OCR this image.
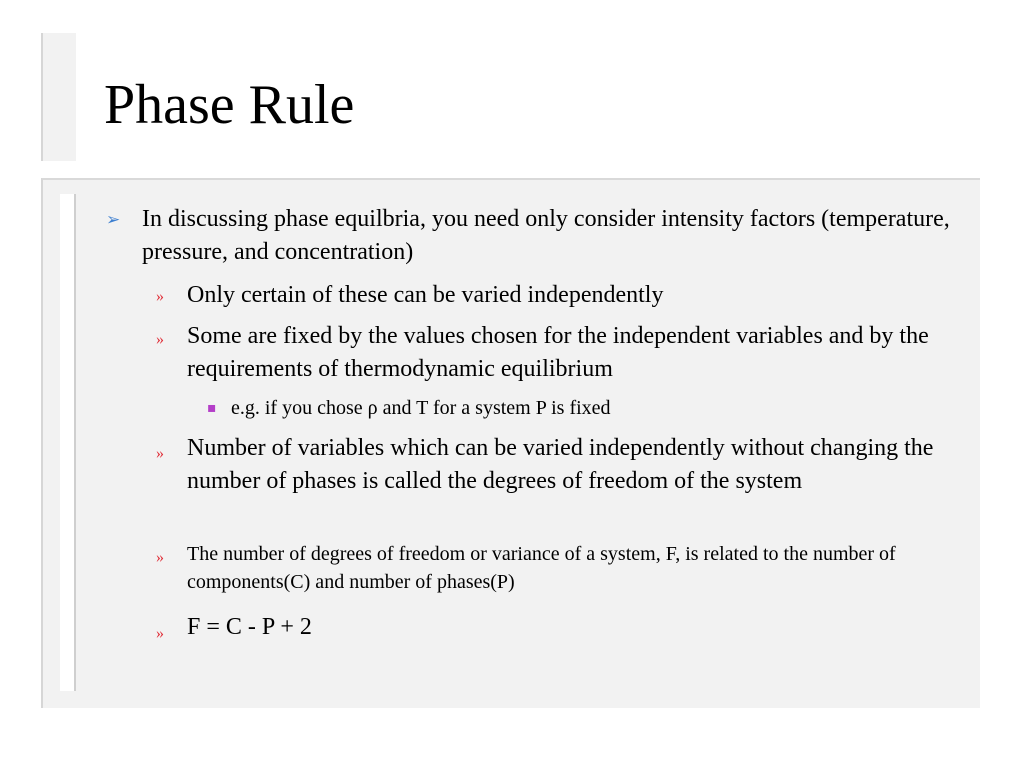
Phase Rule
➢ In discussing phase equilbria, you need only consider intensity factors (temperature, pressure, and concentration)

» Only certain of these can be varied independently

» Some are fixed by the values chosen for the independent variables and by the requirements of thermodynamic equilibrium

▪ e.g. if you chose ρ and T for a system P is fixed

» Number of variables which can be varied independently without changing the number of phases is called the degrees of freedom of the system

» The number of degrees of freedom or variance of a system, F, is related to the number of components(C) and number of phases(P)

» F = C - P + 2
